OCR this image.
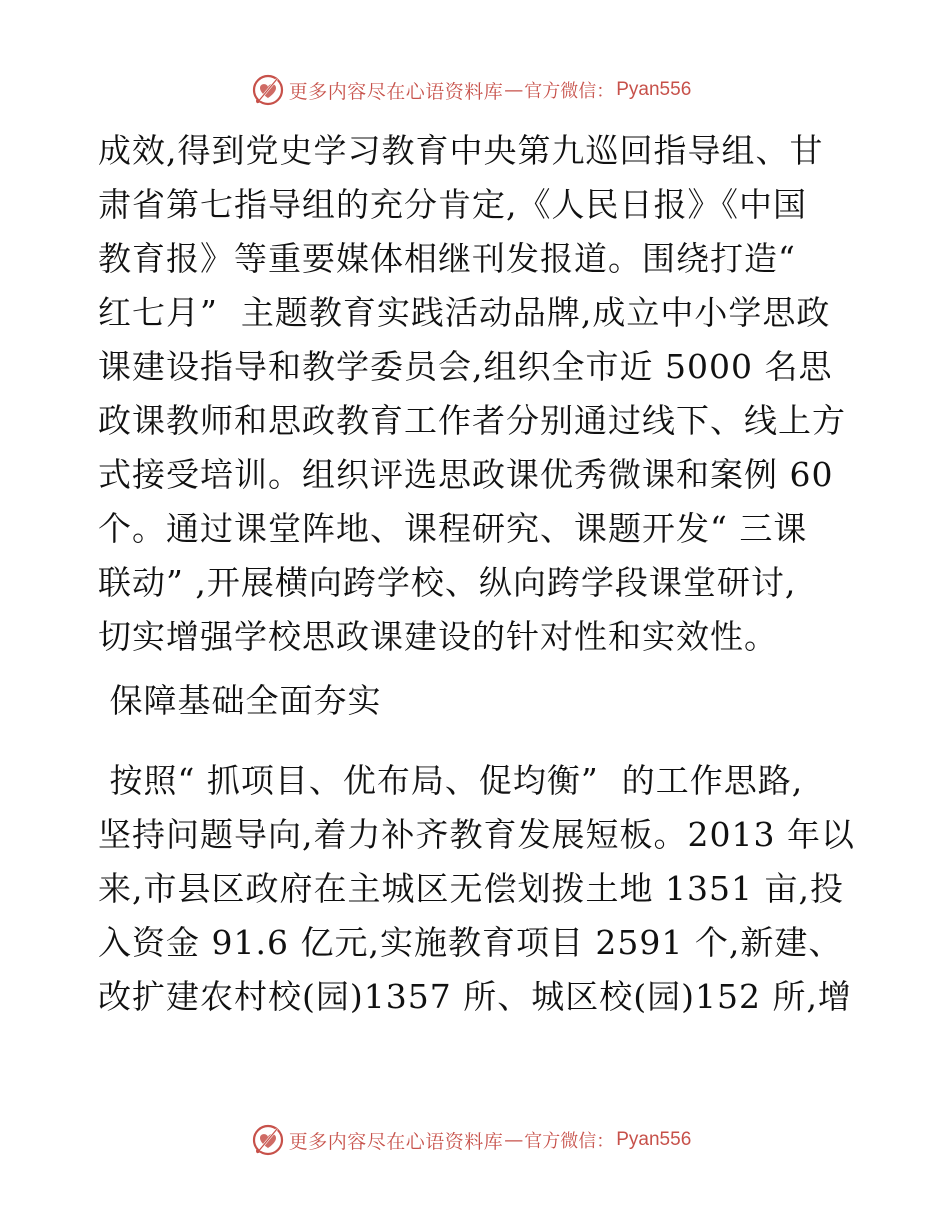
更多内容尽在心语资料库 — 官方微信： Pyan556
成效,得到党史学习教育中央第九巡回指导组、甘
肃省第七指导组的充分肯定,《人民日报》《中国
教育报》等重要媒体相继刊发报道。围绕打造“
红七月”  主题教育实践活动品牌,成立中小学思政
课建设指导和教学委员会,组织全市近 5000 名思
政课教师和思政教育工作者分别通过线下、线上方
式接受培训。组织评选思政课优秀微课和案例 60
个。通过课堂阵地、课程研究、课题开发“ 三课
联动” ,开展横向跨学校、纵向跨学段课堂研讨,
切实增强学校思政课建设的针对性和实效性。
保障基础全面夯实
按照“ 抓项目、优布局、促均衡”  的工作思路,
坚持问题导向,着力补齐教育发展短板。2013 年以
来,市县区政府在主城区无偿划拨土地 1351 亩,投
入资金 91.6 亿元,实施教育项目 2591 个,新建、
改扩建农村校(园)1357 所、城区校(园)152 所,增
更多内容尽在心语资料库 — 官方微信： Pyan556
